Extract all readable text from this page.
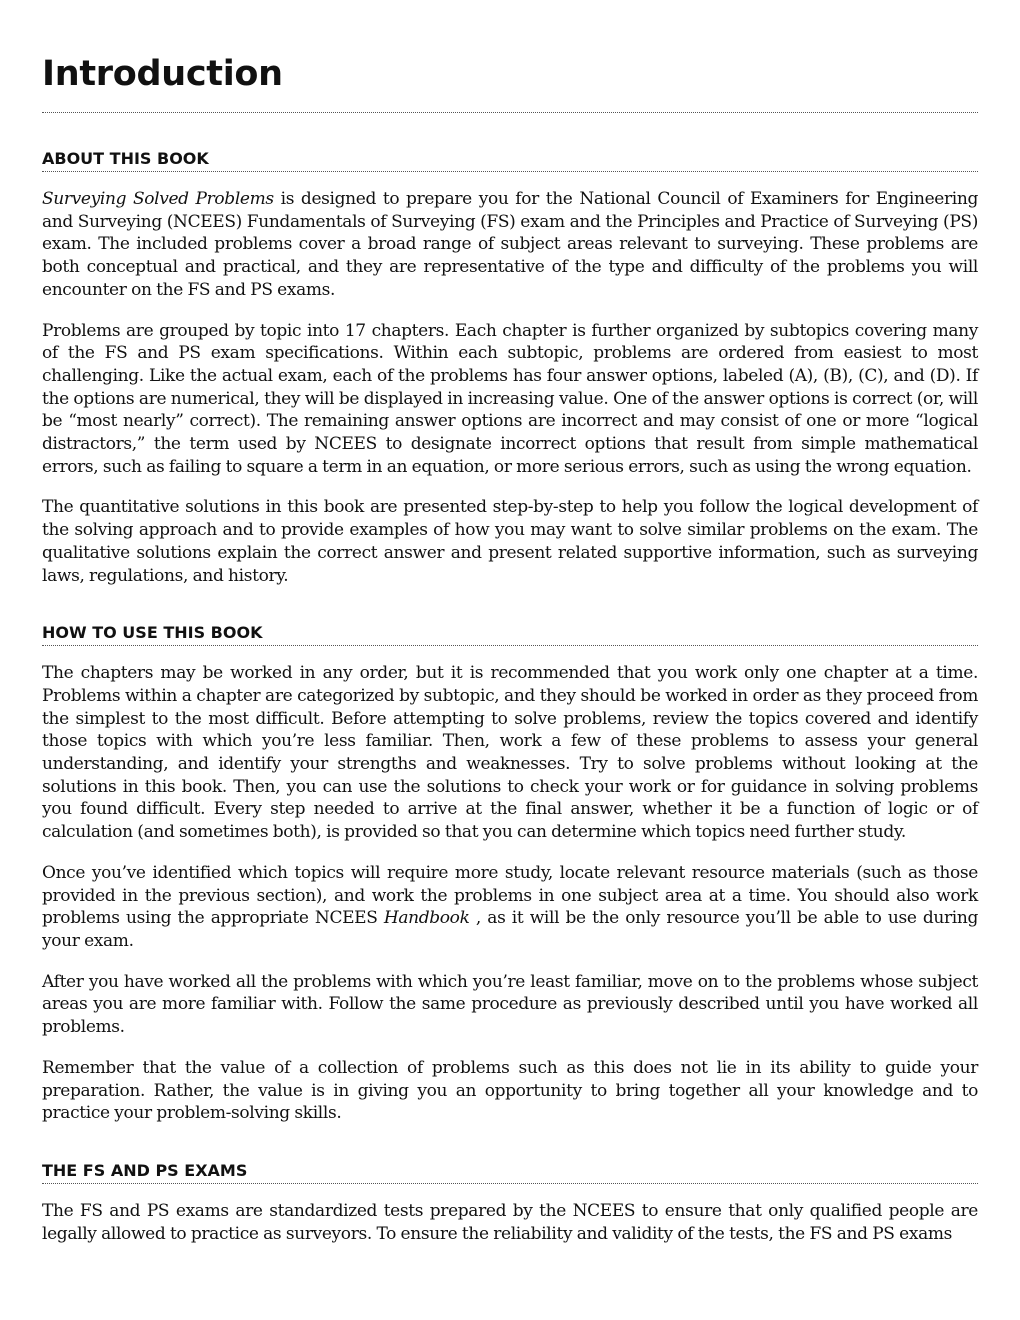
Introduction
ABOUT THIS BOOK

Surveying Solved Problems is designed to prepare you for the National Council of Examiners for Engineering and Surveying (NCEES) Fundamentals of Surveying (FS) exam and the Principles and Practice of Surveying (PS) exam. The included problems cover a broad range of subject areas relevant to surveying. These problems are both conceptual and practical, and they are representative of the type and difficulty of the problems you will encounter on the FS and PS exams.

Problems are grouped by topic into 17 chapters. Each chapter is further organized by subtopics covering many of the FS and PS exam specifications. Within each subtopic, problems are ordered from easiest to most challenging. Like the actual exam, each of the problems has four answer options, labeled (A), (B), (C), and (D). If the options are numerical, they will be displayed in increasing value. One of the answer options is correct (or, will be “most nearly” correct). The remaining answer options are incorrect and may consist of one or more “logical distractors,” the term used by NCEES to designate incorrect options that result from simple mathematical errors, such as failing to square a term in an equation, or more serious errors, such as using the wrong equation.

The quantitative solutions in this book are presented step-by-step to help you follow the logical development of the solving approach and to provide examples of how you may want to solve similar problems on the exam. The qualitative solutions explain the correct answer and present related supportive information, such as surveying laws, regulations, and history.

HOW TO USE THIS BOOK

The chapters may be worked in any order, but it is recommended that you work only one chapter at a time. Problems within a chapter are categorized by subtopic, and they should be worked in order as they proceed from the simplest to the most difficult. Before attempting to solve problems, review the topics covered and identify those topics with which you’re less familiar. Then, work a few of these problems to assess your general understanding, and identify your strengths and weaknesses. Try to solve problems without looking at the solutions in this book. Then, you can use the solutions to check your work or for guidance in solving problems you found difficult. Every step needed to arrive at the final answer, whether it be a function of logic or of calculation (and sometimes both), is provided so that you can determine which topics need further study.

Once you’ve identified which topics will require more study, locate relevant resource materials (such as those provided in the previous section), and work the problems in one subject area at a time. You should also work problems using the appropriate NCEES Handbook , as it will be the only resource you’ll be able to use during your exam.

After you have worked all the problems with which you’re least familiar, move on to the problems whose subject areas you are more familiar with. Follow the same procedure as previously described until you have worked all problems.

Remember that the value of a collection of problems such as this does not lie in its ability to guide your preparation. Rather, the value is in giving you an opportunity to bring together all your knowledge and to practice your problem-solving skills.

THE FS AND PS EXAMS

The FS and PS exams are standardized tests prepared by the NCEES to ensure that only qualified people are legally allowed to practice as surveyors. To ensure the reliability and validity of the tests, the FS and PS exams
